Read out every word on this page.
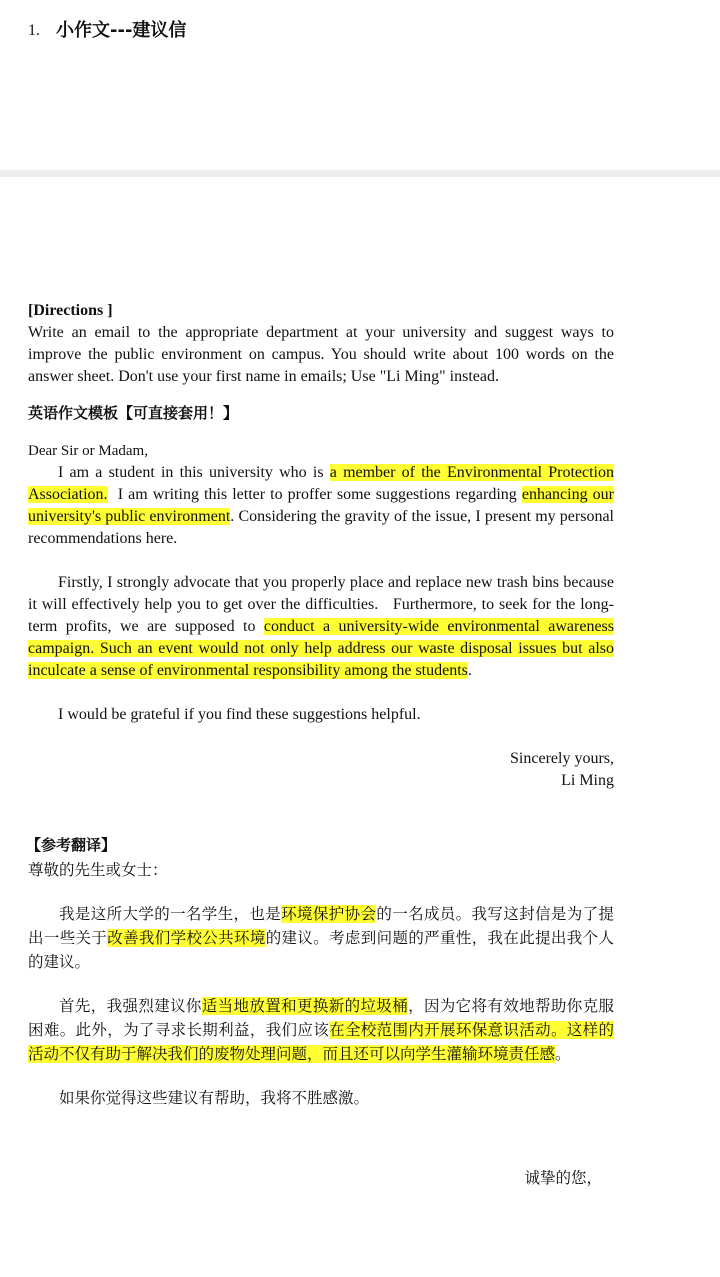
1. 小作文---建议信
[Directions ]

Write an email to the appropriate department at your university and suggest ways to improve the public environment on campus. You should write about 100 words on the answer sheet. Don't use your first name in emails; Use "Li Ming" instead.

英语作文模板【可直接套用！】
Dear Sir or Madam,

I am a student in this university who is a member of the Environmental Protection Association.  I am writing this letter to proffer some suggestions regarding enhancing our university's public environment. Considering the gravity of the issue, I present my personal recommendations here.

Firstly, I strongly advocate that you properly place and replace new trash bins because it will effectively help you to get over the difficulties.   Furthermore, to seek for the long-term profits, we are supposed to conduct a university-wide environmental awareness campaign. Such an event would not only help address our waste disposal issues but also inculcate a sense of environmental responsibility among the students.

I would be grateful if you find these suggestions helpful.

Sincerely yours,
Li Ming
【参考翻译】
尊敬的先生或女士：

我是这所大学的一名学生，也是环境保护协会的一名成员。我写这封信是为了提出一些关于改善我们学校公共环境的建议。考虑到问题的严重性，我在此提出我个人的建议。

首先，我强烈建议你适当地放置和更换新的垃圾桶，因为它将有效地帮助你克服困难。此外，为了寻求长期利益，我们应该在全校范围内开展环保意识活动。这样的活动不仅有助于解决我们的废物处理问题，而且还可以向学生灌输环境责任感。

如果你觉得这些建议有帮助，我将不胜感激。

诚挚的您，
